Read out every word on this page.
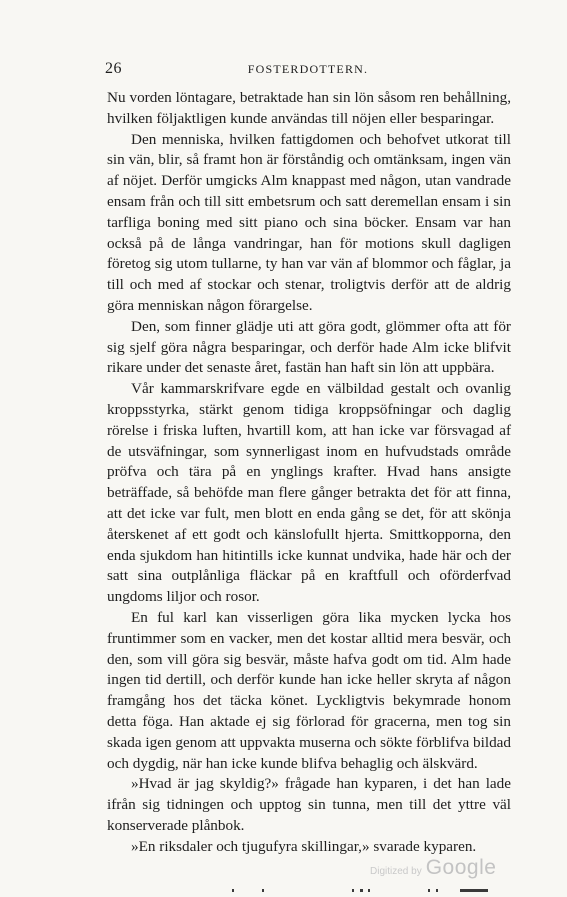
26	FOSTERDOTTERN.

Nu vorden löntagare, betraktade han sin lön såsom ren behållning, hvilken följaktligen kunde användas till nöjen eller besparingar.

Den menniska, hvilken fattigdomen och behofvet utkorat till sin vän, blir, så framt hon är förståndig och omtänksam, ingen vän af nöjet. Derför umgicks Alm knappast med någon, utan vandrade ensam från och till sitt embetsrum och satt deremellan ensam i sin tarfliga boning med sitt piano och sina böcker. Ensam var han också på de långa vandringar, han för motions skull dagligen företog sig utom tullarne, ty han var vän af blommor och fåglar, ja till och med af stockar och stenar, troligtvis derför att de aldrig göra menniskan någon förargelse.

Den, som finner glädje uti att göra godt, glömmer ofta att för sig sjelf göra några besparingar, och derför hade Alm icke blifvit rikare under det senaste året, fastän han haft sin lön att uppbära.

Vår kammarskrifvare egde en välbildad gestalt och ovanlig kroppsstyrka, stärkt genom tidiga kroppsöfningar och daglig rörelse i friska luften, hvartill kom, att han icke var försvagad af de utsväfningar, som synnerligast inom en hufvudstads område pröfva och tära på en ynglings krafter. Hvad hans ansigte beträffade, så behöfde man flere gånger betrakta det för att finna, att det icke var fult, men blott en enda gång se det, för att skönja återskenet af ett godt och känslofullt hjerta. Smittkopporna, den enda sjukdom han hitintills icke kunnat undvika, hade här och der satt sina outplånliga fläckar på en kraftfull och oförderfvad ungdoms liljor och rosor.

En ful karl kan visserligen göra lika mycken lycka hos fruntimmer som en vacker, men det kostar alltid mera besvär, och den, som vill göra sig besvär, måste hafva godt om tid. Alm hade ingen tid dertill, och derför kunde han icke heller skryta af någon framgång hos det täcka könet. Lyckligtvis bekymrade honom detta föga. Han aktade ej sig förlorad för gracerna, men tog sin skada igen genom att uppvakta muserna och sökte förblifva bildad och dygdig, när han icke kunde blifva behaglig och älskvärd.

»Hvad är jag skyldig?» frågade han kyparen, i det han lade ifrån sig tidningen och upptog sin tunna, men till det yttre väl konserverade plånbok.

»En riksdaler och tjugufyra skillingar,» svarade kyparen.

Digitized by Google
